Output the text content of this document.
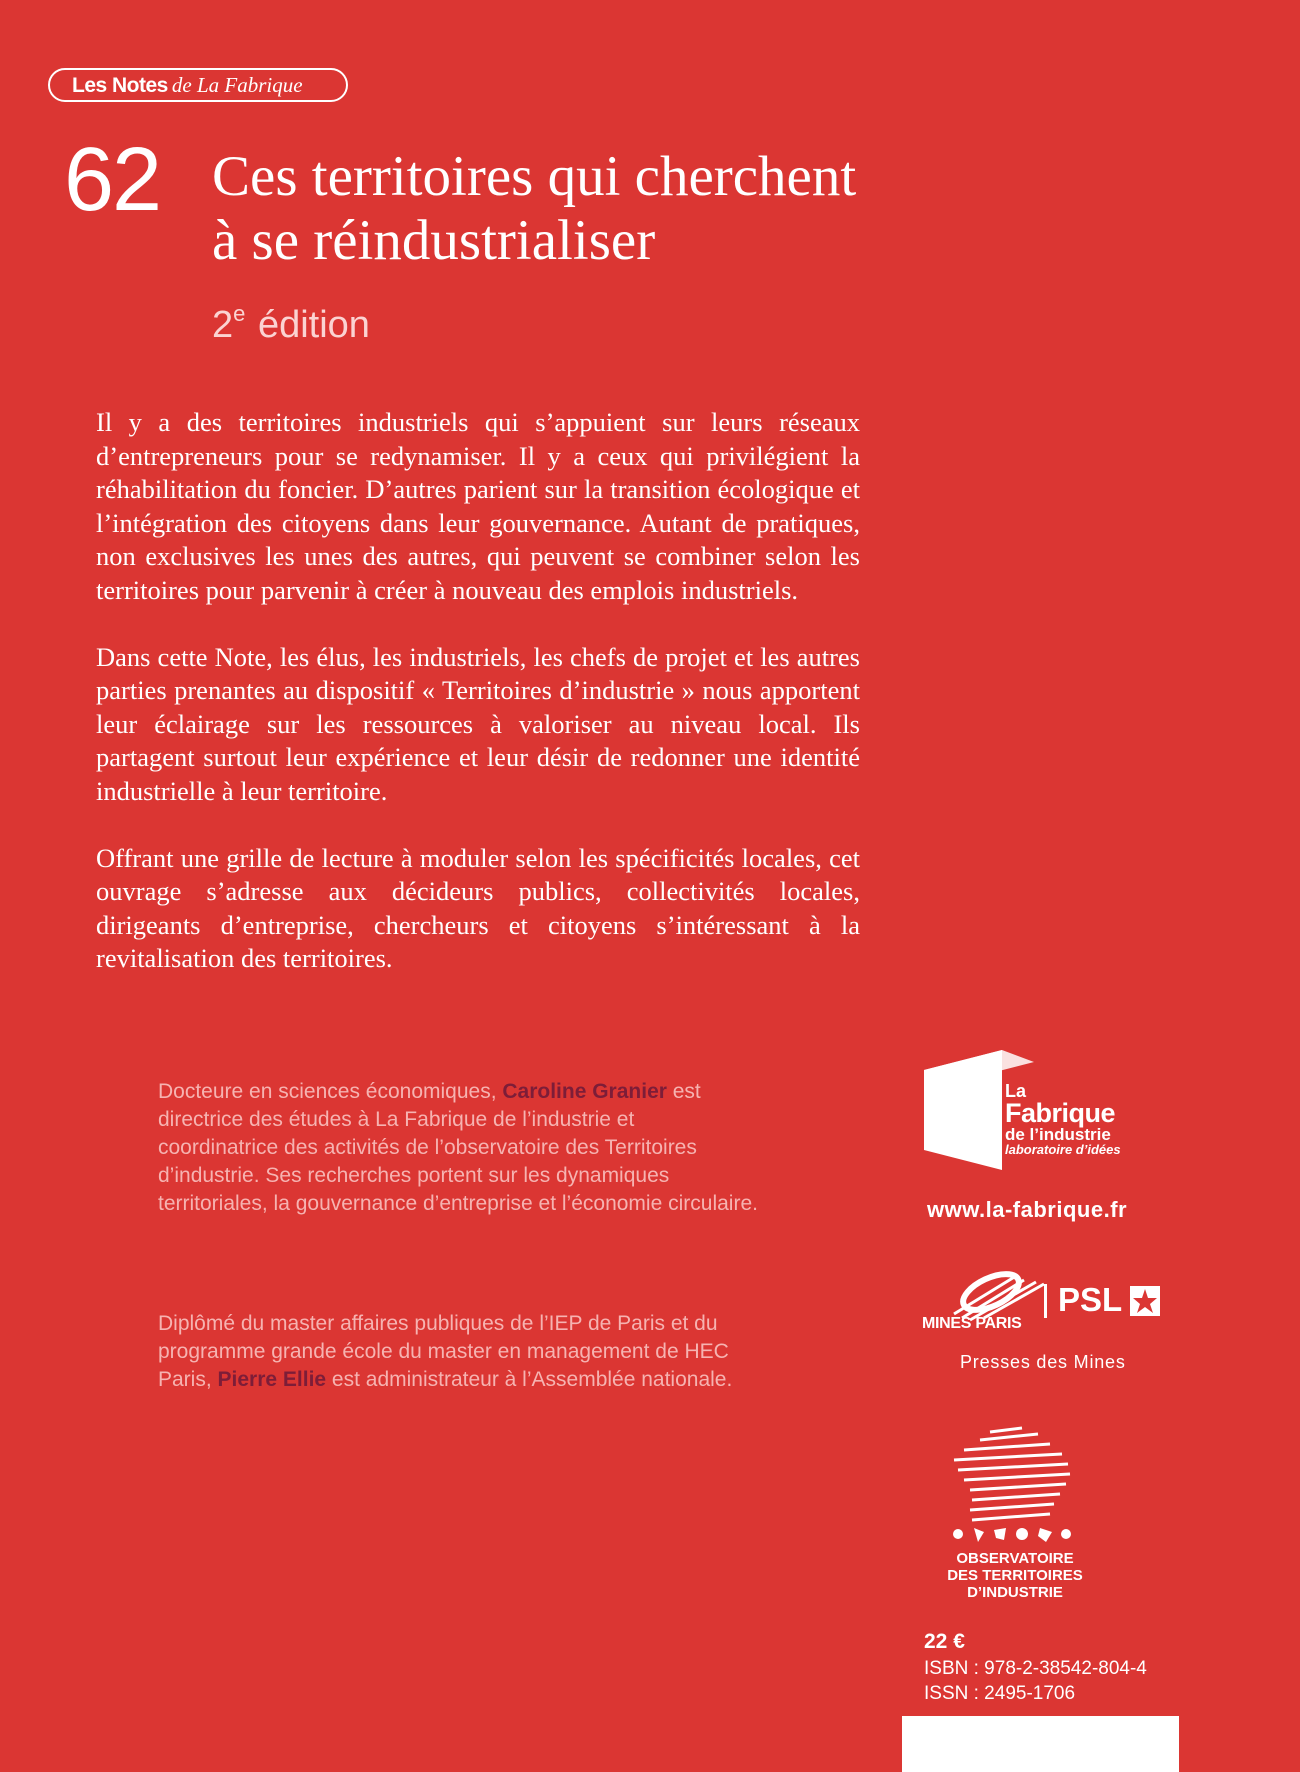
Les Notes de La Fabrique
62 Ces territoires qui cherchent
à se réindustrialiser
2e édition

Il y a des territoires industriels qui s’appuient sur leurs réseaux d’entrepreneurs pour se redynamiser. Il y a ceux qui privilégient la réhabilitation du foncier. D’autres parient sur la transition écologique et l’intégration des citoyens dans leur gouvernance. Autant de pratiques, non exclusives les unes des autres, qui peuvent se combiner selon les territoires pour parvenir à créer à nouveau des emplois industriels.

Dans cette Note, les élus, les industriels, les chefs de projet et les autres parties prenantes au dispositif « Territoires d’industrie » nous apportent leur éclairage sur les ressources à valoriser au niveau local. Ils partagent surtout leur expérience et leur désir de redonner une identité industrielle à leur territoire.

Offrant une grille de lecture à moduler selon les spécificités locales, cet ouvrage s’adresse aux décideurs publics, collectivités locales, dirigeants d’entreprise, chercheurs et citoyens s’intéressant à la revitalisation des territoires.

Docteure en sciences économiques, Caroline Granier est directrice des études à La Fabrique de l’industrie et coordinatrice des activités de l’observatoire des Territoires d’industrie. Ses recherches portent sur les dynamiques territoriales, la gouvernance d’entreprise et l’économie circulaire.
Diplômé du master affaires publiques de l’IEP de Paris et du programme grande école du master en management de HEC Paris, Pierre Ellie est administrateur à l’Assemblée nationale.
La
Fabrique
de l’industrie
laboratoire d’idées
www.la-fabrique.fr
MINES PARIS
PSL
Presses des Mines
OBSERVATOIRE
DES TERRITOIRES
D’INDUSTRIE
22 €
ISBN : 978-2-38542-804-4
ISSN : 2495-1706
